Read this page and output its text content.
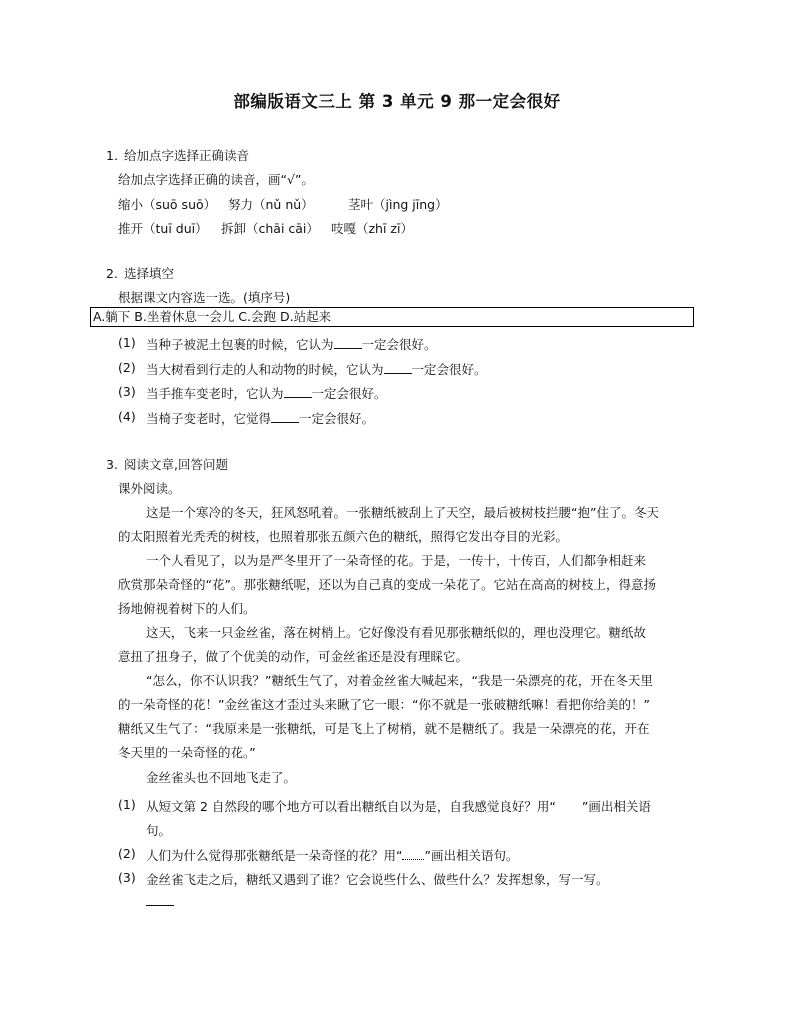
部编版语文三上 第 3 单元 9 那一定会很好
1. 给加点字选择正确读音
给加点字选择正确的读音，画“√”。
缩小（suō suō） 努力（nǔ nǔ）	茎叶（jìng jīng）
推开（tuī duī） 拆卸（chāi cāi） 吱嘎（zhī zī）
2. 选择填空
根据课文内容选一选。(填序号)
A.躺下 B.坐着休息一会儿 C.会跑 D.站起来
(1) 当种子被泥土包裹的时候，它认为 一定会很好。
(2) 当大树看到行走的人和动物的时候，它认为 一定会很好。
(3) 当手推车变老时，它认为 一定会很好。
(4) 当椅子变老时，它觉得 一定会很好。
3. 阅读文章,回答问题
课外阅读。
这是一个寒冷的冬天，狂风怒吼着。一张糖纸被刮上了天空，最后被树枝拦腰“抱”住了。冬天
的太阳照着光秃秃的树枝，也照着那张五颜六色的糖纸，照得它发出夺目的光彩。
一个人看见了，以为是严冬里开了一朵奇怪的花。于是，一传十，十传百，人们都争相赶来
欣赏那朵奇怪的“花”。那张糖纸呢，还以为自己真的变成一朵花了。它站在高高的树枝上，得意扬
扬地俯视着树下的人们。
这天，飞来一只金丝雀，落在树梢上。它好像没有看见那张糖纸似的，理也没理它。糖纸故
意扭了扭身子，做了个优美的动作，可金丝雀还是没有理睬它。
“怎么，你不认识我？”糖纸生气了，对着金丝雀大喊起来，“我是一朵漂亮的花，开在冬天里
的一朵奇怪的花！”金丝雀这才歪过头来瞅了它一眼：“你不就是一张破糖纸嘛！看把你给美的！”
糖纸又生气了：“我原来是一张糖纸，可是飞上了树梢，就不是糖纸了。我是一朵漂亮的花，开在
冬天里的一朵奇怪的花。”
金丝雀头也不回地飞走了。
(1) 从短文第 2 自然段的哪个地方可以看出糖纸自以为是，自我感觉良好？用“ ”画出相关语
句。
(2) 人们为什么觉得那张糖纸是一朵奇怪的花？用“ ”画出相关语句。
(3) 金丝雀飞走之后，糖纸又遇到了谁？它会说些什么、做些什么？发挥想象，写一写。
